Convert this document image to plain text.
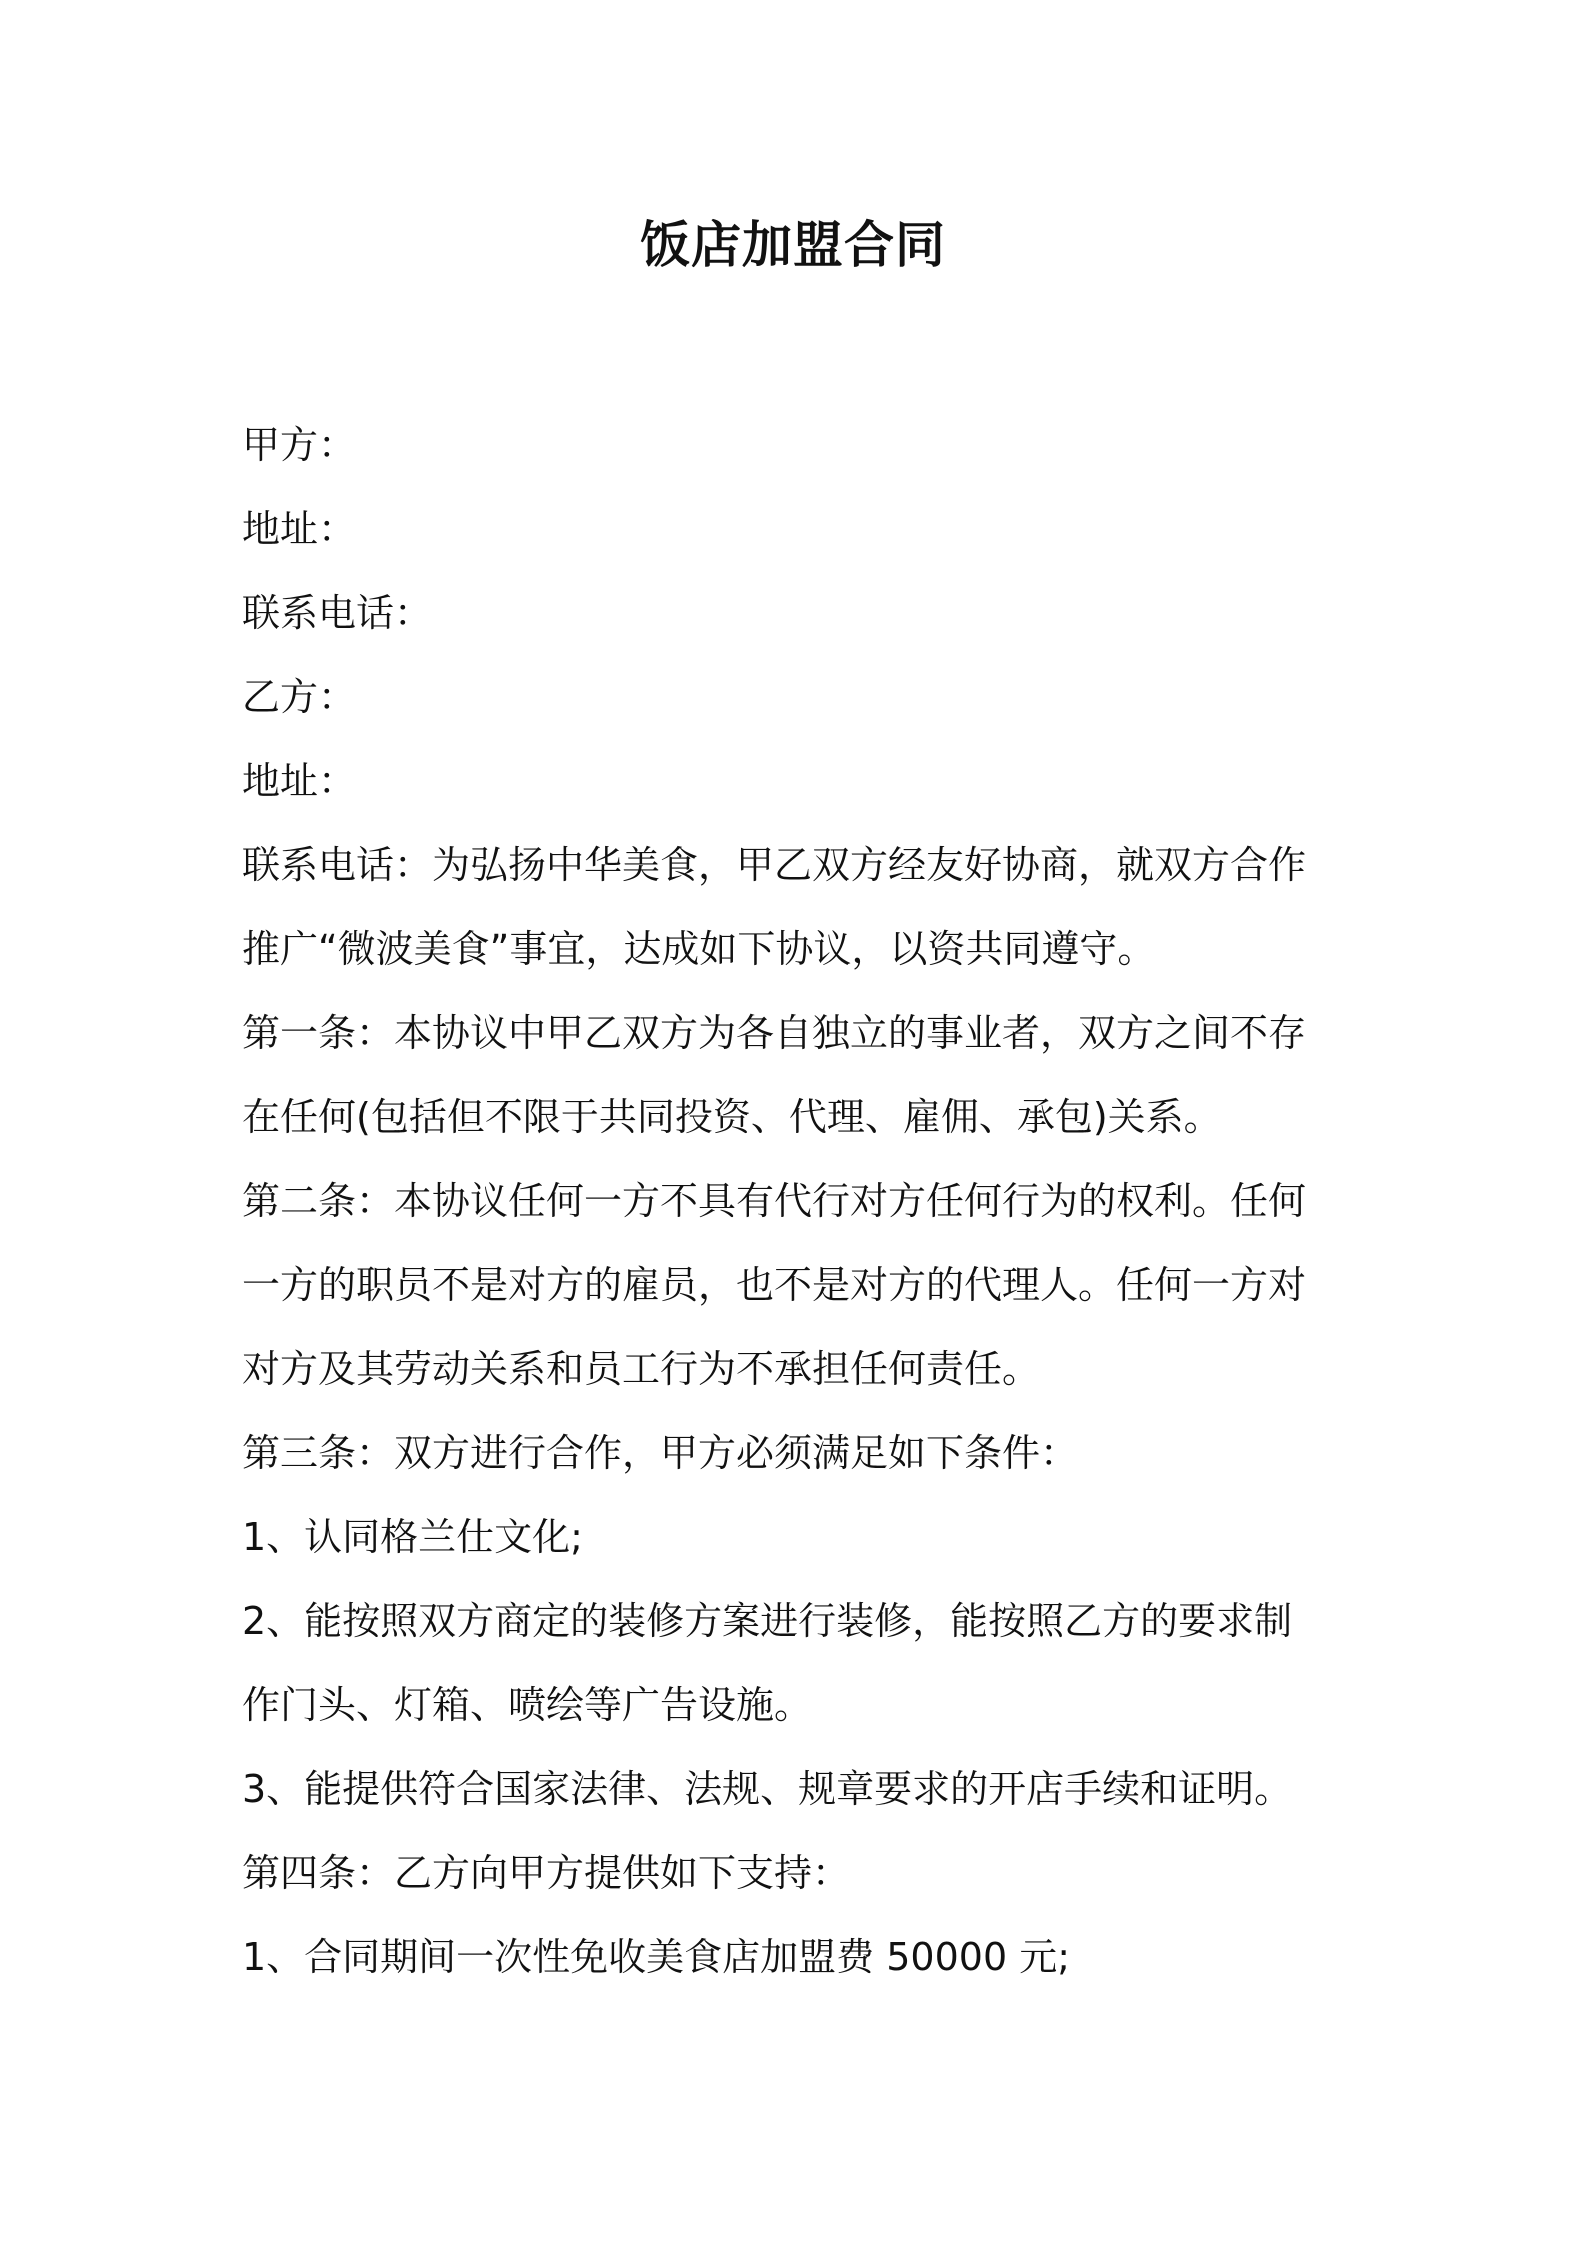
饭店加盟合同
甲方：
地址：
联系电话：
乙方：
地址：
联系电话：为弘扬中华美食，甲乙双方经友好协商，就双方合作
推广“微波美食”事宜，达成如下协议，以资共同遵守。
第一条：本协议中甲乙双方为各自独立的事业者，双方之间不存
在任何(包括但不限于共同投资、代理、雇佣、承包)关系。
第二条：本协议任何一方不具有代行对方任何行为的权利。任何
一方的职员不是对方的雇员，也不是对方的代理人。任何一方对
对方及其劳动关系和员工行为不承担任何责任。
第三条：双方进行合作，甲方必须满足如下条件：
1、认同格兰仕文化;
2、能按照双方商定的装修方案进行装修，能按照乙方的要求制
作门头、灯箱、喷绘等广告设施。
3、能提供符合国家法律、法规、规章要求的开店手续和证明。
第四条：乙方向甲方提供如下支持：
1、合同期间一次性免收美食店加盟费 50000 元;
